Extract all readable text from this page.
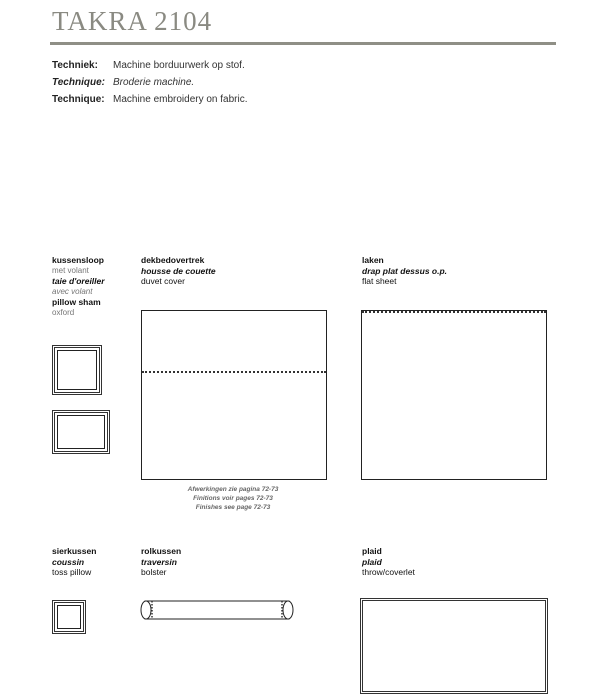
TAKRA 2104
Techniek: Machine borduurwerk op stof.
Technique: Broderie machine.
Technique: Machine embroidery on fabric.
kussensloop
met volant
taie d'oreiller
avec volant
pillow sham
oxford
dekbedovertrek
housse de couette
duvet cover
Afwerkingen zie pagina 72-73
Finitions voir pages 72-73
Finishes see page 72-73
laken
drap plat dessus o.p.
flat sheet
sierkussen
coussin
toss pillow
rolkussen
traversin
bolster
plaid
plaid
throw/coverlet
